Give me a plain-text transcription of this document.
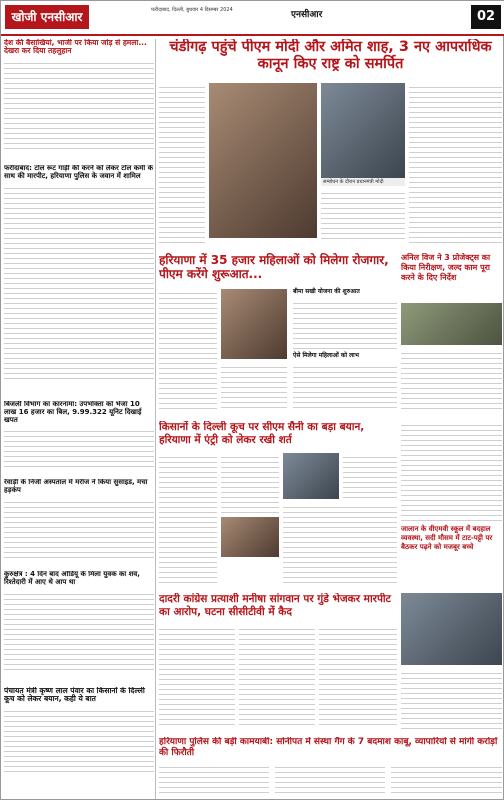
खोजी एनसीआर	फरीदाबाद, दिल्ली, बुधवार 4 दिसम्बर 2024	एनसीआर	02
देश की बैसाखियां, भाजी पर किया जोड़ से हमला... देखरा कर दिया तहलुहान
फरीदाबाद: टोल रूट गाड़ी की करने को लेकर टोल कर्मी के साथ की मारपीट, हरियाणा पुलिस के जवान में शामिल
बिजली विभाग का कारनामा: उपभोक्ता को भेजा 10 लाख 16 हजार का बिल, 9.99.322 यूनिट दिखाई खपत
रेवाड़ी के निजी अस्पताल में मरीज ने किया सुसाइड, मचा हड़कंप
कुरुक्षेत्र : 4 दिन बाद ओडियू के मिला युवक का शव, रिश्तेदारी में आए थे आप था
पंचायत मंत्री कृष्ण लाल पंवार का किसानों के दिल्ली कूच को लेकर बयान, कही ये बात
चंडीगढ़ पहुंचे पीएम मोदी और अमित शाह, 3 नए आपराधिक कानून किए राष्ट्र को समर्पित
सम्बोधन के दौरान प्रधानमंत्री मोदी
हरियाणा में 35 हजार महिलाओं को मिलेगा रोजगार, पीएम करेंगे शुरूआत...
बीमा सखी योजना की शुरुआत
ऐसे मिलेगा महिलाओं को लाभ
अनिल विज ने 3 प्रोजेक्ट्स का किया निरीक्षण, जल्द काम पूरा करने के दिए निर्देश
किसानों के दिल्ली कूच पर सीएम सैनी का बड़ा बयान, हरियाणा में एंट्री को लेकर रखी शर्त
जालान के वीएमवी स्कूल में बदहाल व्यवस्था, सदी मौसम में टाट-पट्टी पर बैठकर पढ़ने को मजबूर बच्चे
दादरी कांग्रेस प्रत्याशी मनीषा सांगवान पर गुंडे भेजकर मारपीट का आरोप, घटना सीसीटीवी में कैद
हरियाणा पुलिस की बड़ी कामयाबी: सोनीपत में संस्था गैंग के 7 बदमाश काबू, व्यापारियों से मांगी करोड़ों की फिरौती
